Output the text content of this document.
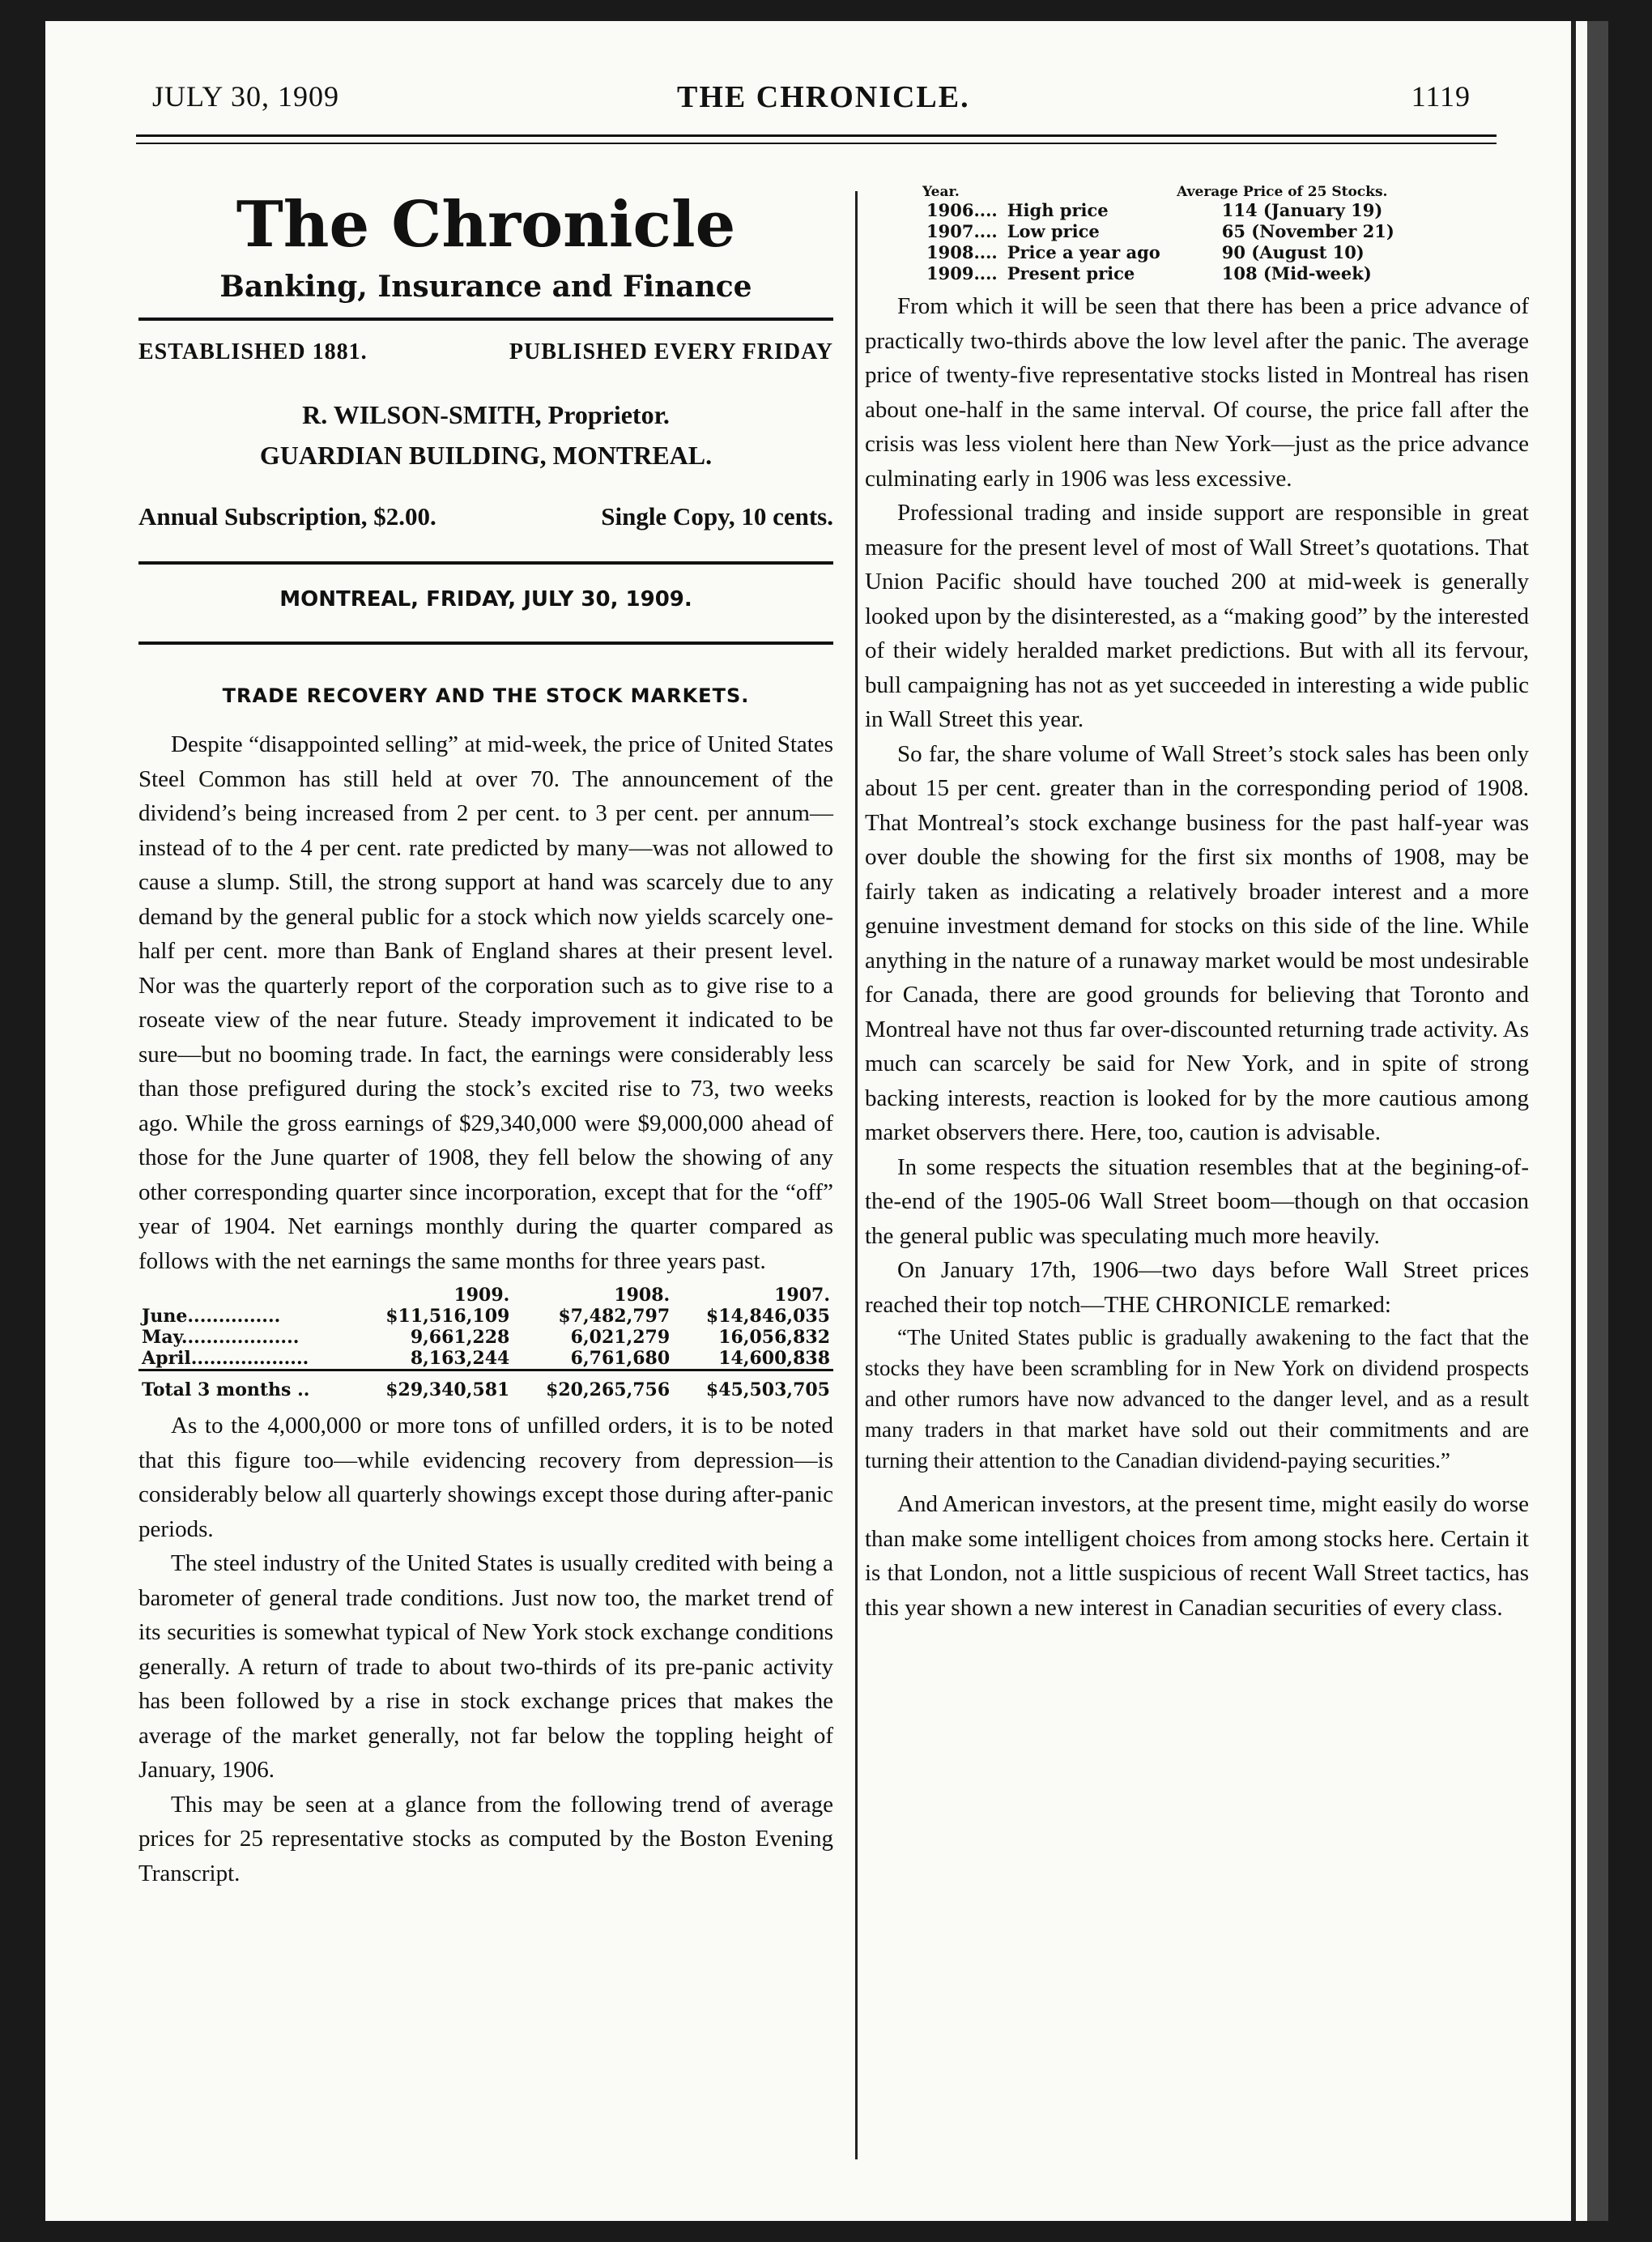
JULY 30, 1909	THE CHRONICLE.	1119
The Chronicle
Banking, Insurance and Finance
ESTABLISHED 1881.	PUBLISHED EVERY FRIDAY
R. WILSON-SMITH, Proprietor.
GUARDIAN BUILDING, MONTREAL.
Annual Subscription, $2.00.	Single Copy, 10 cents.
MONTREAL, FRIDAY, JULY 30, 1909.
TRADE RECOVERY AND THE STOCK MARKETS.

Despite “disappointed selling” at mid-week, the price of United States Steel Common has still held at over 70. The announcement of the dividend’s being increased from 2 per cent. to 3 per cent. per annum—instead of to the 4 per cent. rate predicted by many—was not allowed to cause a slump. Still, the strong support at hand was scarcely due to any demand by the general public for a stock which now yields scarcely one-half per cent. more than Bank of England shares at their present level. Nor was the quarterly report of the corporation such as to give rise to a roseate view of the near future. Steady improvement it indicated to be sure—but no booming trade. In fact, the earnings were considerably less than those prefigured during the stock’s excited rise to 73, two weeks ago. While the gross earnings of $29,340,000 were $9,000,000 ahead of those for the June quarter of 1908, they fell below the showing of any other corresponding quarter since incorporation, except that for the “off” year of 1904. Net earnings monthly during the quarter compared as follows with the net earnings the same months for three years past.

	1909.	1908.	1907.
June...............	$11,516,109	$7,482,797	$14,846,035
May...................	9,661,228	6,021,279	16,056,832
April...................	8,163,244	6,761,680	14,600,838
Total 3 months ..	$29,340,581	$20,265,756	$45,503,705

As to the 4,000,000 or more tons of unfilled orders, it is to be noted that this figure too—while evidencing recovery from depression—is considerably below all quarterly showings except those during after-panic periods.

The steel industry of the United States is usually credited with being a barometer of general trade conditions. Just now too, the market trend of its securities is somewhat typical of New York stock exchange conditions generally. A return of trade to about two-thirds of its pre-panic activity has been followed by a rise in stock exchange prices that makes the average of the market generally, not far below the toppling height of January, 1906.

This may be seen at a glance from the following trend of average prices for 25 representative stocks as computed by the Boston Evening Transcript.

Year.		Average Price of 25 Stocks.
1906....	High price	114 (January 19)
1907....	Low price	65 (November 21)
1908....	Price a year ago	90 (August 10)
1909....	Present price	108 (Mid-week)

From which it will be seen that there has been a price advance of practically two-thirds above the low level after the panic. The average price of twenty-five representative stocks listed in Montreal has risen about one-half in the same interval. Of course, the price fall after the crisis was less violent here than New York—just as the price advance culminating early in 1906 was less excessive.

Professional trading and inside support are responsible in great measure for the present level of most of Wall Street’s quotations. That Union Pacific should have touched 200 at mid-week is generally looked upon by the disinterested, as a “making good” by the interested of their widely heralded market predictions. But with all its fervour, bull campaigning has not as yet succeeded in interesting a wide public in Wall Street this year.

So far, the share volume of Wall Street’s stock sales has been only about 15 per cent. greater than in the corresponding period of 1908. That Montreal’s stock exchange business for the past half-year was over double the showing for the first six months of 1908, may be fairly taken as indicating a relatively broader interest and a more genuine investment demand for stocks on this side of the line. While anything in the nature of a runaway market would be most undesirable for Canada, there are good grounds for believing that Toronto and Montreal have not thus far over-discounted returning trade activity. As much can scarcely be said for New York, and in spite of strong backing interests, reaction is looked for by the more cautious among market observers there. Here, too, caution is advisable.

In some respects the situation resembles that at the begining-of-the-end of the 1905-06 Wall Street boom—though on that occasion the general public was speculating much more heavily.

On January 17th, 1906—two days before Wall Street prices reached their top notch—THE CHRONICLE remarked:

“The United States public is gradually awakening to the fact that the stocks they have been scrambling for in New York on dividend prospects and other rumors have now advanced to the danger level, and as a result many traders in that market have sold out their commitments and are turning their attention to the Canadian dividend-paying securities.”

And American investors, at the present time, might easily do worse than make some intelligent choices from among stocks here. Certain it is that London, not a little suspicious of recent Wall Street tactics, has this year shown a new interest in Canadian securities of every class.
